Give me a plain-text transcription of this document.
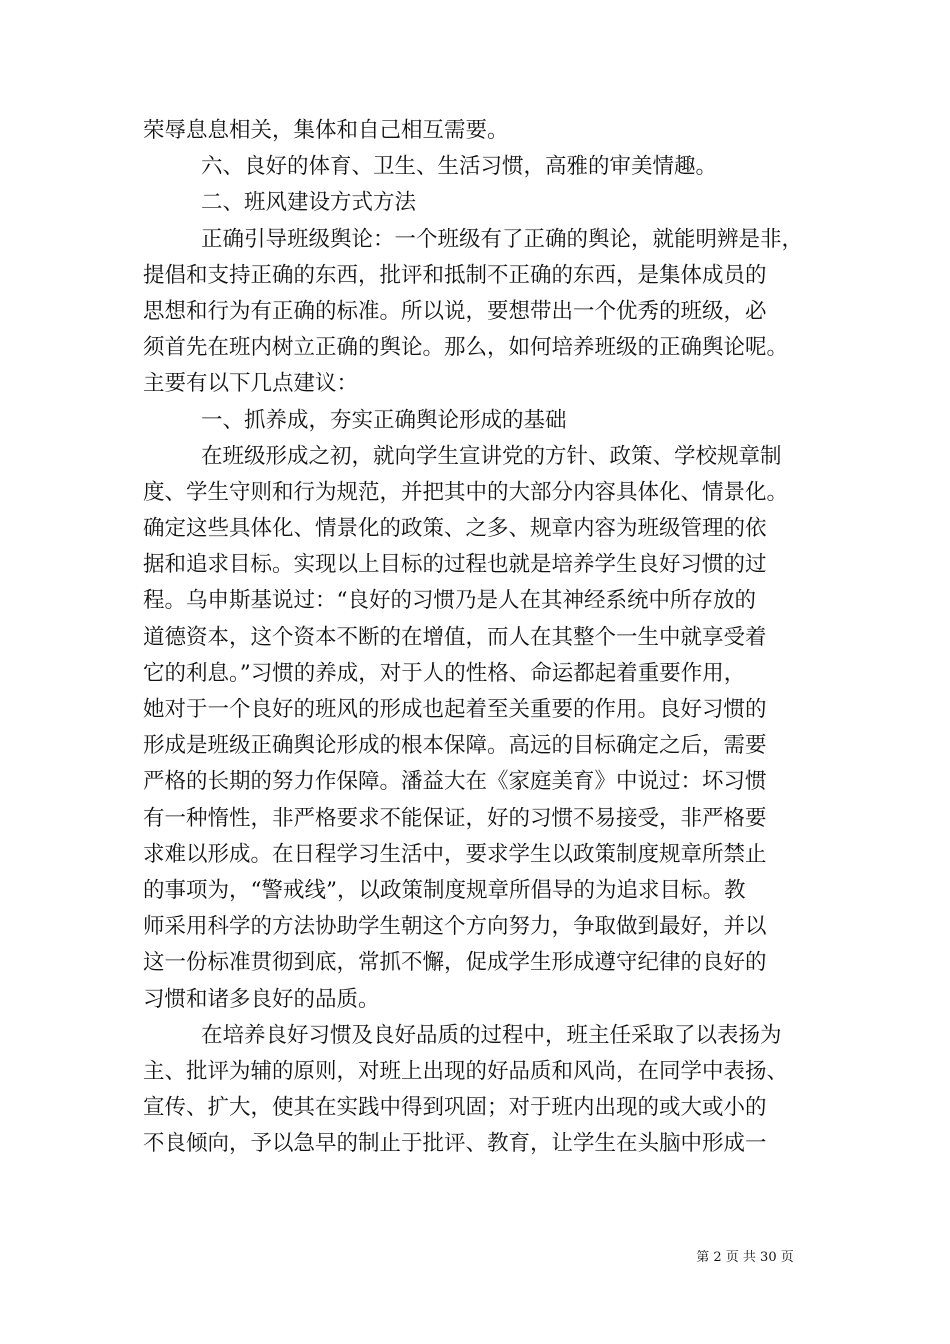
荣辱息息相关，集体和自己相互需要。
六、良好的体育、卫生、生活习惯，高雅的审美情趣。
二、班风建设方式方法
正确引导班级舆论：一个班级有了正确的舆论，就能明辨是非，
提倡和支持正确的东西，批评和抵制不正确的东西，是集体成员的
思想和行为有正确的标准。所以说，要想带出一个优秀的班级，必
须首先在班内树立正确的舆论。那么，如何培养班级的正确舆论呢。
主要有以下几点建议：
一、抓养成，夯实正确舆论形成的基础
在班级形成之初，就向学生宣讲党的方针、政策、学校规章制
度、学生守则和行为规范，并把其中的大部分内容具体化、情景化。
确定这些具体化、情景化的政策、之多、规章内容为班级管理的依
据和追求目标。实现以上目标的过程也就是培养学生良好习惯的过
程。乌申斯基说过：“良好的习惯乃是人在其神经系统中所存放的
道德资本，这个资本不断的在增值，而人在其整个一生中就享受着
它的利息。”习惯的养成，对于人的性格、命运都起着重要作用，
她对于一个良好的班风的形成也起着至关重要的作用。良好习惯的
形成是班级正确舆论形成的根本保障。高远的目标确定之后，需要
严格的长期的努力作保障。潘益大在《家庭美育》中说过：坏习惯
有一种惰性，非严格要求不能保证，好的习惯不易接受，非严格要
求难以形成。在日程学习生活中，要求学生以政策制度规章所禁止
的事项为，“警戒线”，以政策制度规章所倡导的为追求目标。教
师采用科学的方法协助学生朝这个方向努力，争取做到最好，并以
这一份标准贯彻到底，常抓不懈，促成学生形成遵守纪律的良好的
习惯和诸多良好的品质。
在培养良好习惯及良好品质的过程中，班主任采取了以表扬为
主、批评为辅的原则，对班上出现的好品质和风尚，在同学中表扬、
宣传、扩大，使其在实践中得到巩固；对于班内出现的或大或小的
不良倾向，予以急早的制止于批评、教育，让学生在头脑中形成一
第 2 页 共 30 页
